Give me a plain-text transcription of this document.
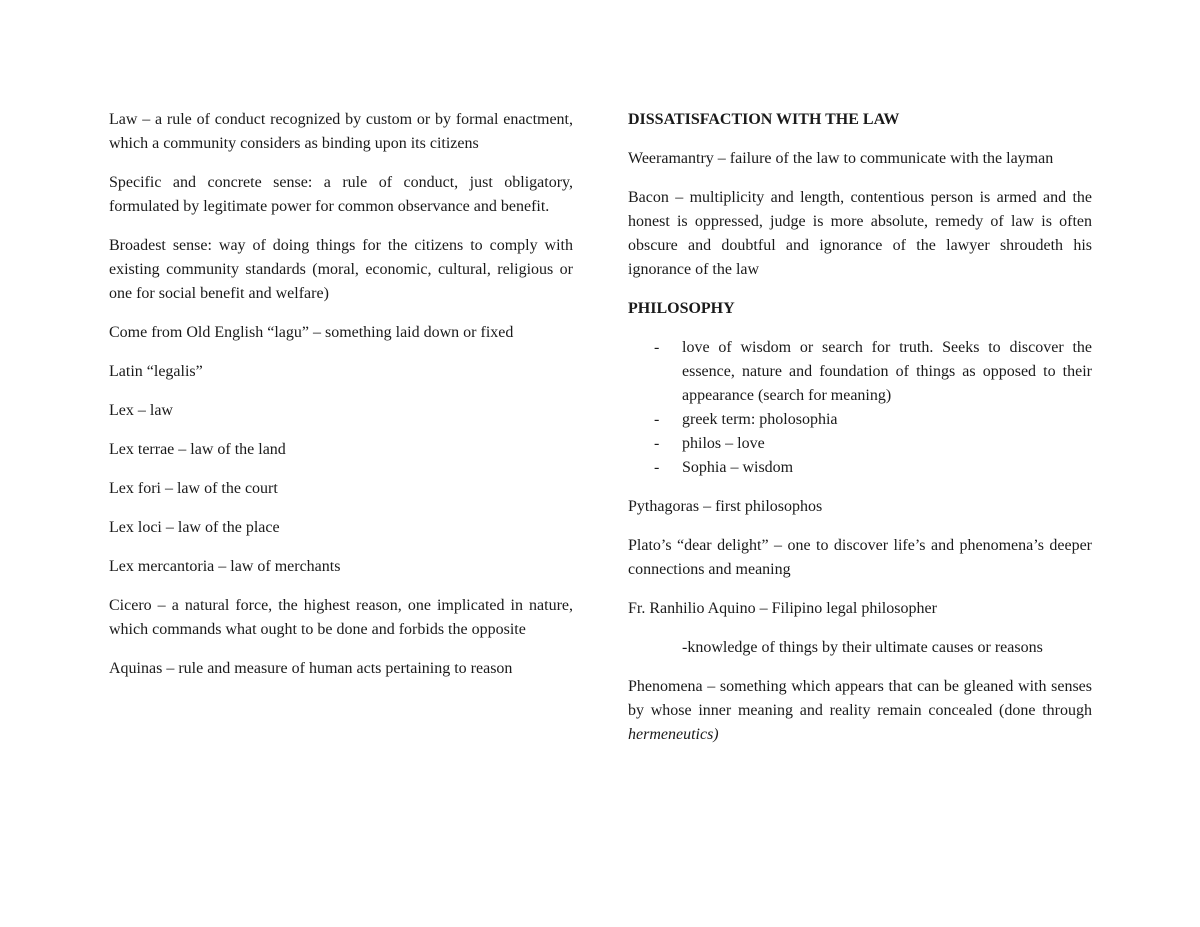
Law – a rule of conduct recognized by custom or by formal enactment, which a community considers as binding upon its citizens

Specific and concrete sense: a rule of conduct, just obligatory, formulated by legitimate power for common observance and benefit.

Broadest sense: way of doing things for the citizens to comply with existing community standards (moral, economic, cultural, religious or one for social benefit and welfare)

Come from Old English “lagu” – something laid down or fixed

Latin “legalis”

Lex – law

Lex terrae – law of the land

Lex fori – law of the court

Lex loci – law of the place

Lex mercantoria – law of merchants

Cicero – a natural force, the highest reason, one implicated in nature, which commands what ought to be done and forbids the opposite

Aquinas – rule and measure of human acts pertaining to reason

DISSATISFACTION WITH THE LAW

Weeramantry – failure of the law to communicate with the layman

Bacon – multiplicity and length, contentious person is armed and the honest is oppressed, judge is more absolute, remedy of law is often obscure and doubtful and ignorance of the lawyer shroudeth his ignorance of the law

PHILOSOPHY

- love of wisdom or search for truth. Seeks to discover the essence, nature and foundation of things as opposed to their appearance (search for meaning)
- greek term: pholosophia
- philos – love
- Sophia – wisdom

Pythagoras – first philosophos

Plato’s “dear delight” – one to discover life’s and phenomena’s deeper connections and meaning

Fr. Ranhilio Aquino – Filipino legal philosopher

-knowledge of things by their ultimate causes or reasons

Phenomena – something which appears that can be gleaned with senses by whose inner meaning and reality remain concealed (done through hermeneutics)
